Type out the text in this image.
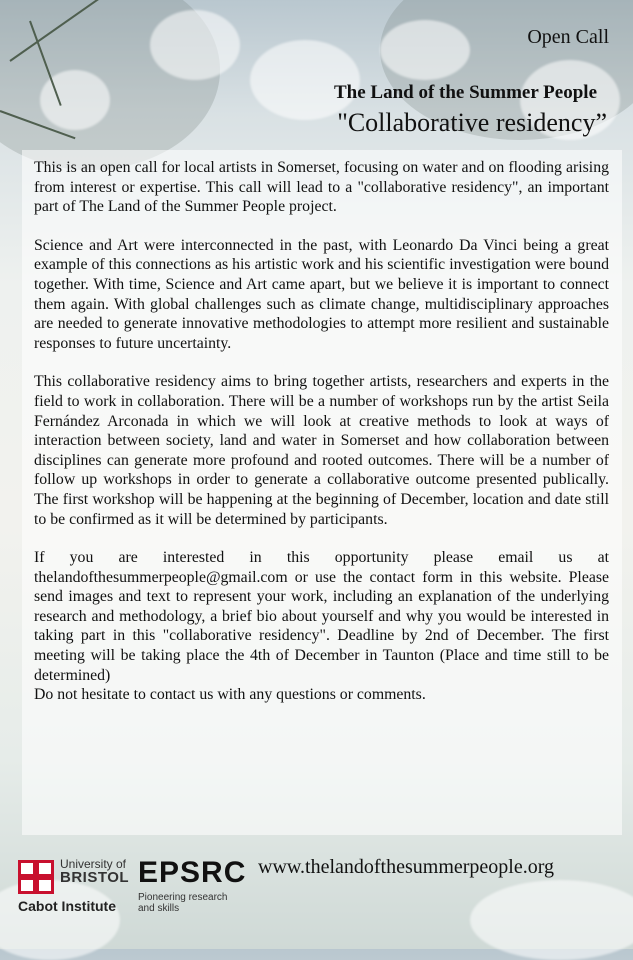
Open Call
The Land of the Summer People
"Collaborative residency”

This is an open call for local artists in Somerset, focusing on water and on flooding arising from interest or expertise. This call will lead to a "collaborative residency", an important part of The Land of the Summer People project.

Science and Art were interconnected in the past, with Leonardo Da Vinci being a great example of this connections as his artistic work and his scientific investigation were bound together. With time, Science and Art came apart, but we believe it is important to connect them again. With global challenges such as climate change, multidisciplinary approaches are needed to generate innovative methodologies to attempt more resilient and sustainable responses to future uncertainty.

This collaborative residency aims to bring together artists, researchers and experts in the field to work in collaboration. There will be a number of workshops run by the artist Seila Fernández Arconada in which we will look at creative methods to look at ways of interaction between society, land and water in Somerset and how collaboration between disciplines can generate more profound and rooted outcomes. There will be a number of follow up workshops in order to generate a collaborative outcome presented publically. The first workshop will be happening at the beginning of December, location and date still to be confirmed as it will be determined by participants.

If you are interested in this opportunity please email us at thelandofthesummerpeople@gmail.com or use the contact form in this website. Please send images and text to represent your work, including an explanation of the underlying research and methodology, a brief bio about yourself and why you would be interested in taking part in this "collaborative residency". Deadline by 2nd of December. The first meeting will be taking place the 4th of December in Taunton (Place and time still to be determined)

Do not hesitate to contact us with any questions or comments.

University of
BRISTOL
Cabot Institute
EPSRC
Pioneering research and skills
www.thelandofthesummerpeople.org
